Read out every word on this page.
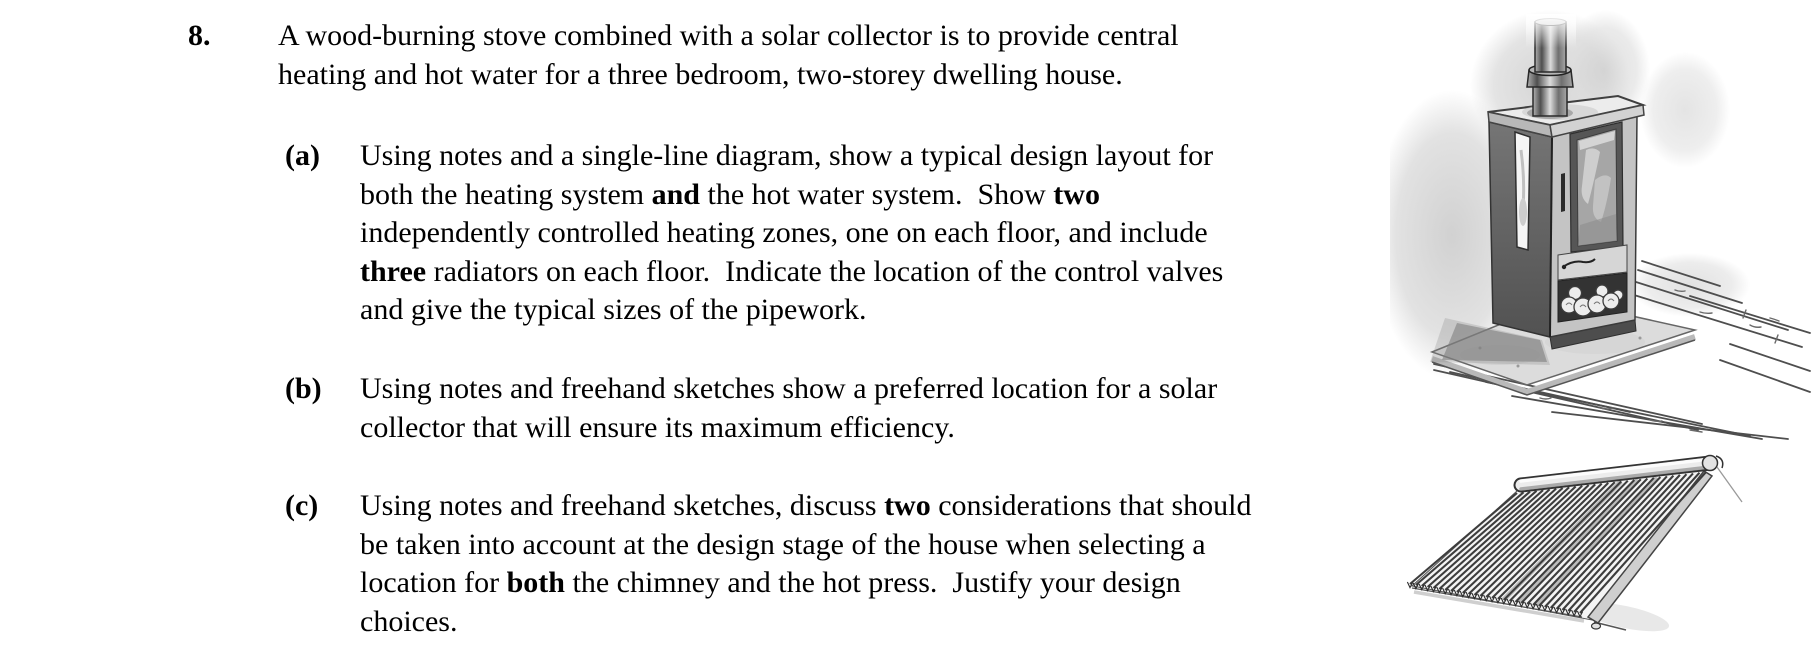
8. A wood-burning stove combined with a solar collector is to provide central
heating and hot water for a three bedroom, two-storey dwelling house.
(a) Using notes and a single-line diagram, show a typical design layout for
both the heating system and the hot water system.  Show two
independently controlled heating zones, one on each floor, and include
three radiators on each floor.  Indicate the location of the control valves
and give the typical sizes of the pipework.
(b) Using notes and freehand sketches show a preferred location for a solar
collector that will ensure its maximum efficiency.
(c) Using notes and freehand sketches, discuss two considerations that should
be taken into account at the design stage of the house when selecting a
location for both the chimney and the hot press.  Justify your design
choices.
